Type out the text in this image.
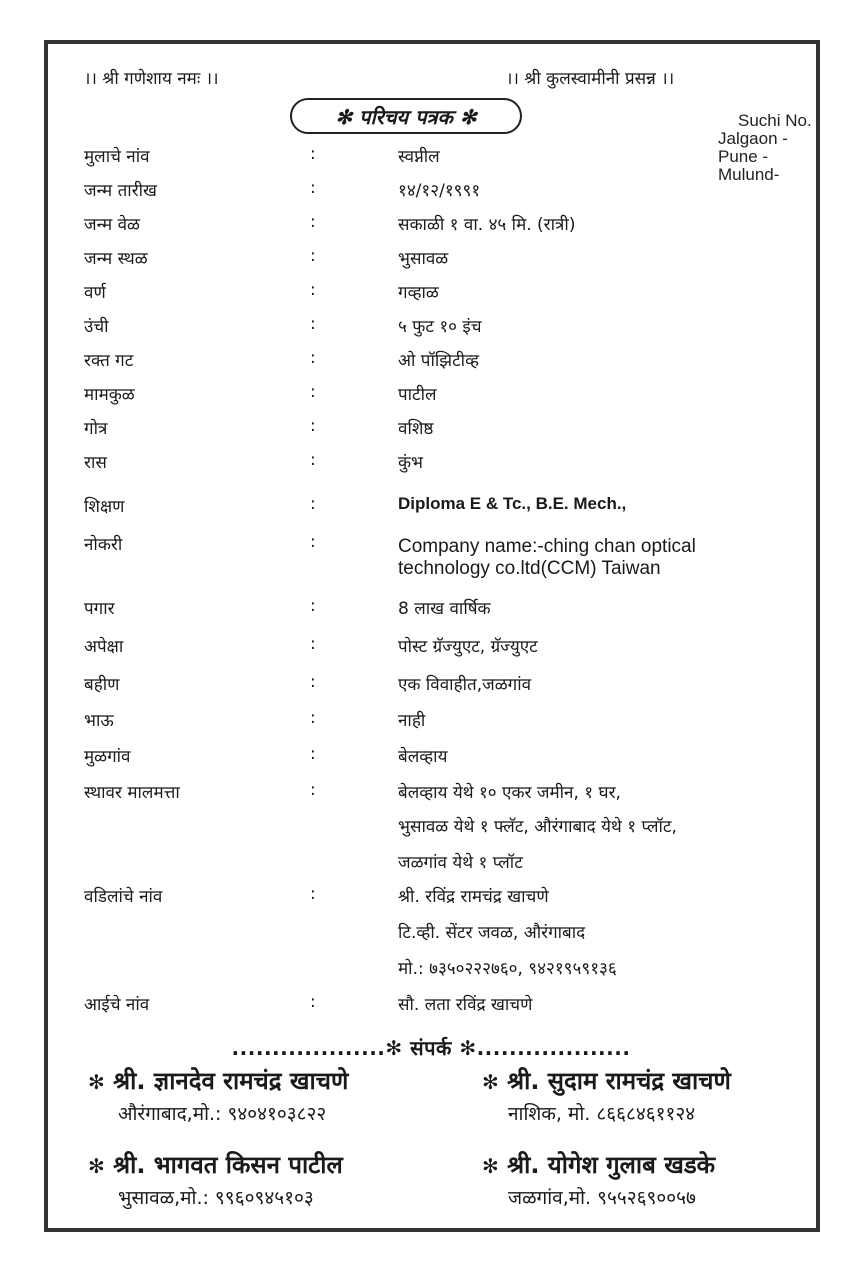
।। श्री गणेशाय नमः ।।	।। श्री कुलस्वामीनी प्रसन्न ।।
✻ परिचय पत्रक ✻	Suchi No.
Jalgaon -
Pune -
Mulund-
मुलाचे नांव	:	स्वप्नील
जन्म तारीख	:	१४/१२/१९९१
जन्म वेळ	:	सकाळी १ वा. ४५ मि. (रात्री)
जन्म स्थळ	:	भुसावळ
वर्ण	:	गव्हाळ
उंची	:	५ फुट १० इंच
रक्त गट	:	ओ पॉझिटीव्ह
मामकुळ	:	पाटील
गोत्र	:	वशिष्ठ
रास	:	कुंभ
शिक्षण	:	Diploma E & Tc., B.E. Mech.,
नोकरी	:	Company name:-ching chan optical technology co.ltd(CCM) Taiwan
पगार	:	8 लाख वार्षिक
अपेक्षा	:	पोस्ट ग्रॅज्युएट, ग्रॅज्युएट
बहीण	:	एक विवाहीत,जळगांव
भाऊ	:	नाही
मुळगांव	:	बेलव्हाय
स्थावर मालमत्ता	:	बेलव्हाय येथे १० एकर जमीन, १ घर,
भुसावळ येथे १ फ्लॅट, औरंगाबाद येथे १ प्लॉट,
जळगांव येथे १ प्लॉट
वडिलांचे नांव	:	श्री. रविंद्र रामचंद्र खाचणे
टि.व्ही. सेंटर जवळ, औरंगाबाद
मो.: ७३५०२२२७६०, ९४२१९५९१३६
आईचे नांव	:	सौ. लता रविंद्र खाचणे
...................✻ संपर्क ✻...................
✻ श्री. ज्ञानदेव रामचंद्र खाचणे
औरंगाबाद,मो.: ९४०४१०३८२२
✻ श्री. सुदाम रामचंद्र खाचणे
नाशिक, मो. ८६६८४६११२४
✻ श्री. भागवत किसन पाटील
भुसावळ,मो.: ९९६०९४५१०३
✻ श्री. योगेश गुलाब खडके
जळगांव,मो. ९५५२६९००५७
